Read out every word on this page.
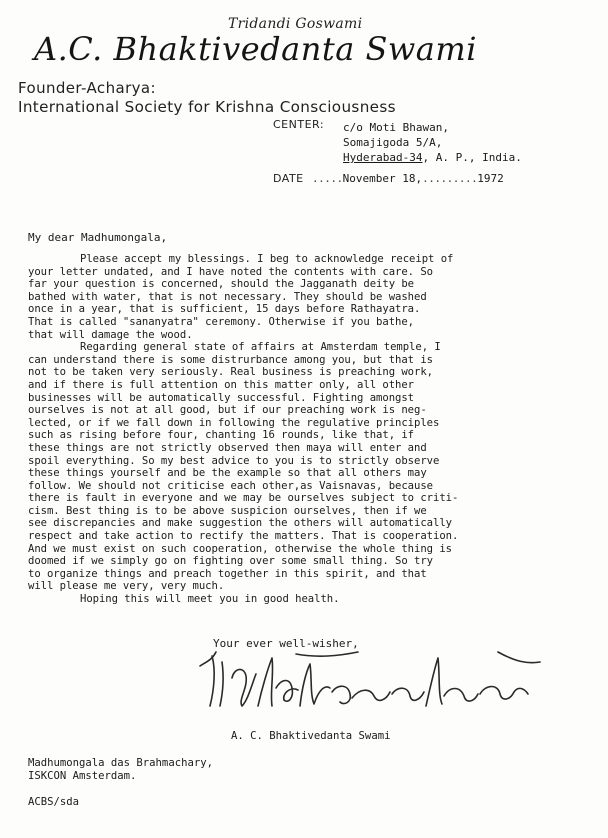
Tridandi Goswami
A.C. Bhaktivedanta Swami
Founder-Acharya:
International Society for Krishna Consciousness
CENTER: c/o Moti Bhawan,
Somajigoda 5/A,
Hyderabad-34, A. P., India.
DATE .....November 18,.........1972
My dear Madhumongala,
Please accept my blessings. I beg to acknowledge receipt of
your letter undated, and I have noted the contents with care. So
far your question is concerned, should the Jagganath deity be
bathed with water, that is not necessary. They should be washed
once in a year, that is sufficient, 15 days before Rathayatra.
That is called "sananyatra" ceremony. Otherwise if you bathe,
that will damage the wood.
Regarding general state of affairs at Amsterdam temple, I
can understand there is some distrurbance among you, but that is
not to be taken very seriously. Real business is preaching work,
and if there is full attention on this matter only, all other
businesses will be automatically successful. Fighting amongst
ourselves is not at all good, but if our preaching work is neg-
lected, or if we fall down in following the regulative principles
such as rising before four, chanting 16 rounds, like that, if
these things are not strictly observed then maya will enter and
spoil everything. So my best advice to you is to strictly observe
these things yourself and be the example so that all others may
follow. We should not criticise each other,as Vaisnavas, because
there is fault in everyone and we may be ourselves subject to criti-
cism. Best thing is to be above suspicion ourselves, then if we
see discrepancies and make suggestion the others will automatically
respect and take action to rectify the matters. That is cooperation.
And we must exist on such cooperation, otherwise the whole thing is
doomed if we simply go on fighting over some small thing. So try
to organize things and preach together in this spirit, and that
will please me very, very much.
Hoping this will meet you in good health.
Your ever well-wisher,
A. C. Bhaktivedanta Swami
Madhumongala das Brahmachary,
ISKCON Amsterdam.
ACBS/sda
